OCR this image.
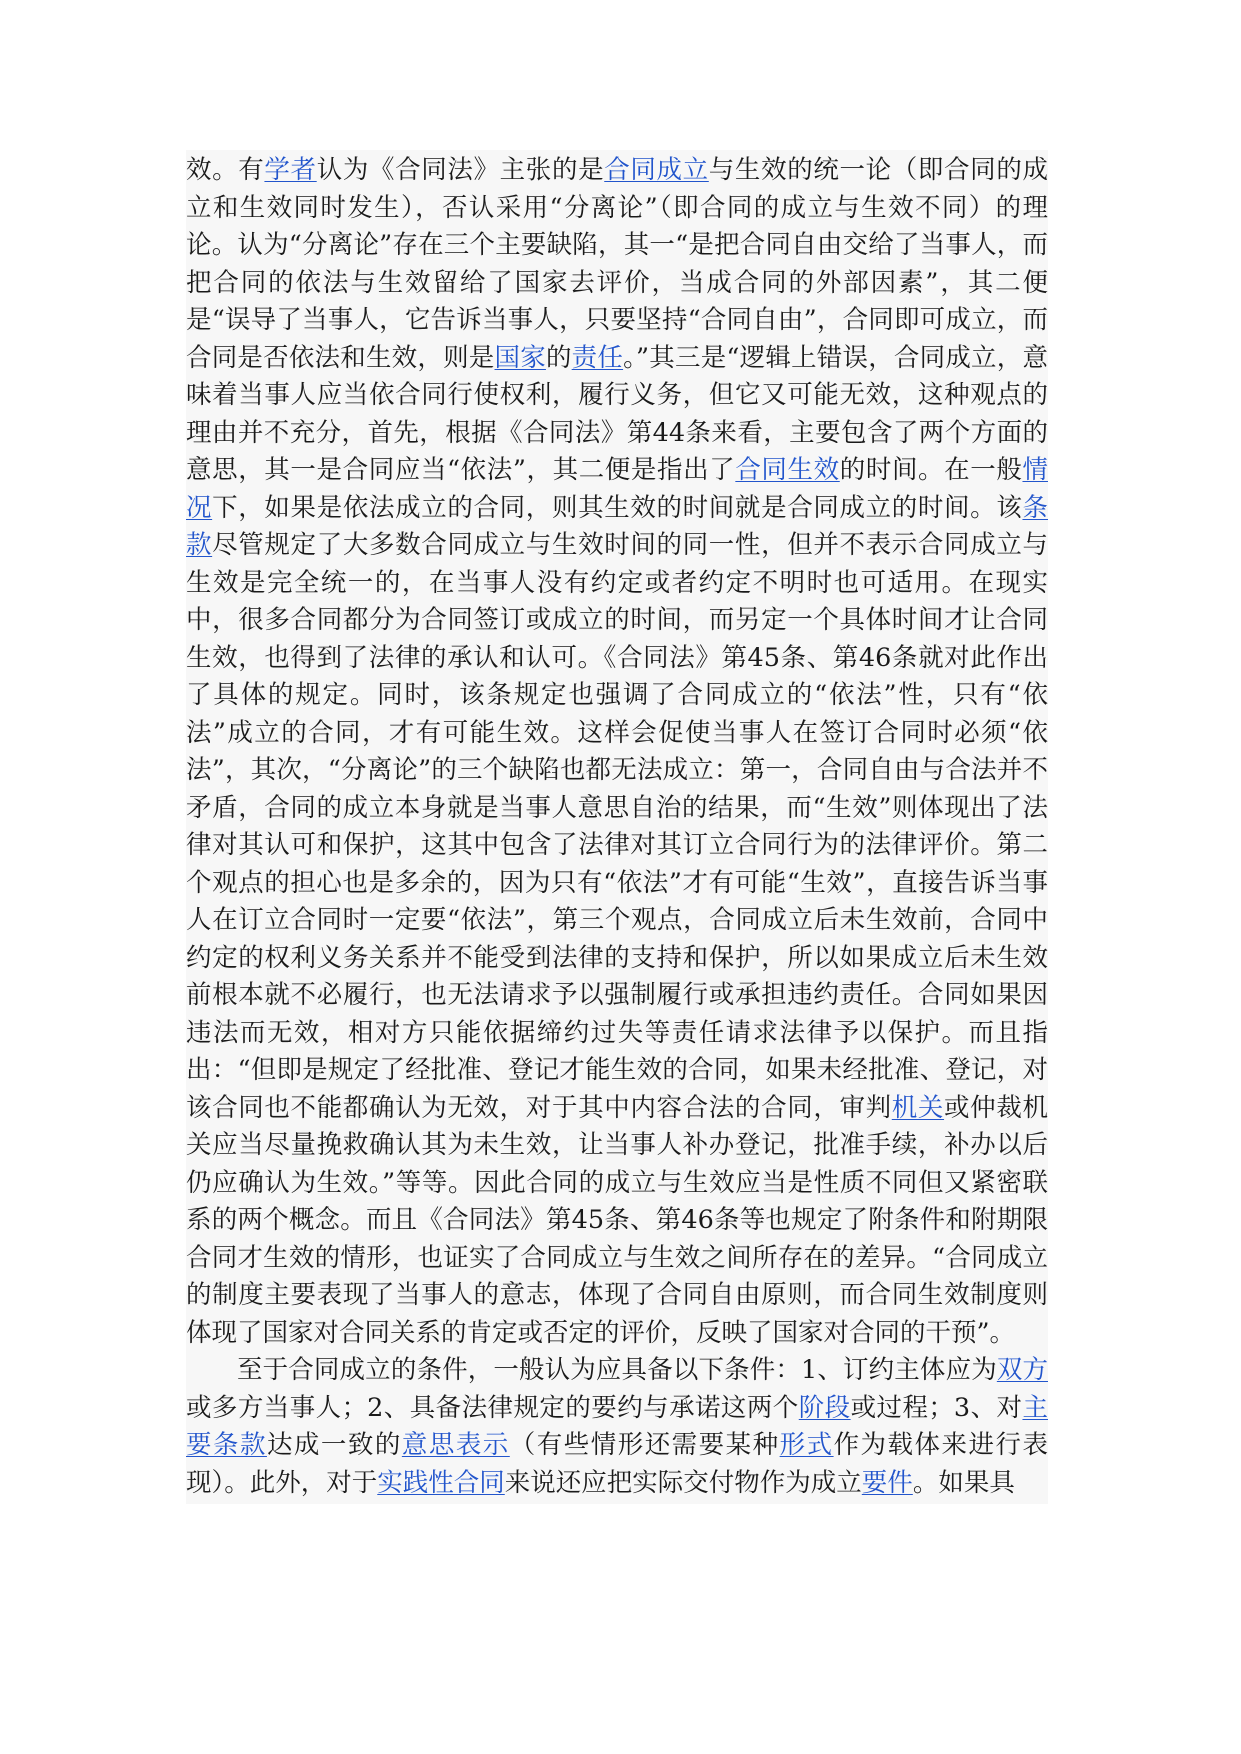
效。有学者认为《合同法》主张的是合同成立与生效的统一论（即合同的成立和生效同时发生），否认采用“分离论”（即合同的成立与生效不同）的理论。认为“分离论”存在三个主要缺陷，其一“是把合同自由交给了当事人，而把合同的依法与生效留给了国家去评价，当成合同的外部因素”，其二便是“误导了当事人，它告诉当事人，只要坚持“合同自由”，合同即可成立，而合同是否依法和生效，则是国家的责任。”其三是“逻辑上错误，合同成立，意味着当事人应当依合同行使权利，履行义务，但它又可能无效，这种观点的理由并不充分，首先，根据《合同法》第44条来看，主要包含了两个方面的意思，其一是合同应当“依法”，其二便是指出了合同生效的时间。在一般情况下，如果是依法成立的合同，则其生效的时间就是合同成立的时间。该条款尽管规定了大多数合同成立与生效时间的同一性，但并不表示合同成立与生效是完全统一的，在当事人没有约定或者约定不明时也可适用。在现实中，很多合同都分为合同签订或成立的时间，而另定一个具体时间才让合同生效，也得到了法律的承认和认可。《合同法》第45条、第46条就对此作出了具体的规定。同时，该条规定也强调了合同成立的“依法”性，只有“依法”成立的合同，才有可能生效。这样会促使当事人在签订合同时必须“依法”，其次，“分离论”的三个缺陷也都无法成立：第一，合同自由与合法并不矛盾，合同的成立本身就是当事人意思自治的结果，而“生效”则体现出了法律对其认可和保护，这其中包含了法律对其订立合同行为的法律评价。第二个观点的担心也是多余的，因为只有“依法”才有可能“生效”，直接告诉当事人在订立合同时一定要“依法”，第三个观点，合同成立后未生效前，合同中约定的权利义务关系并不能受到法律的支持和保护，所以如果成立后未生效前根本就不必履行，也无法请求予以强制履行或承担违约责任。合同如果因违法而无效，相对方只能依据缔约过失等责任请求法律予以保护。而且指出：“但即是规定了经批准、登记才能生效的合同，如果未经批准、登记，对该合同也不能都确认为无效，对于其中内容合法的合同，审判机关或仲裁机关应当尽量挽救确认其为未生效，让当事人补办登记，批准手续，补办以后仍应确认为生效。”等等。因此合同的成立与生效应当是性质不同但又紧密联系的两个概念。而且《合同法》第45条、第46条等也规定了附条件和附期限合同才生效的情形，也证实了合同成立与生效之间所存在的差异。“合同成立的制度主要表现了当事人的意志，体现了合同自由原则，而合同生效制度则体现了国家对合同关系的肯定或否定的评价，反映了国家对合同的干预”。

至于合同成立的条件，一般认为应具备以下条件：1、订约主体应为双方或多方当事人；2、具备法律规定的要约与承诺这两个阶段或过程；3、对主要条款达成一致的意思表示（有些情形还需要某种形式作为载体来进行表现）。此外，对于实践性合同来说还应把实际交付物作为成立要件。如果具
